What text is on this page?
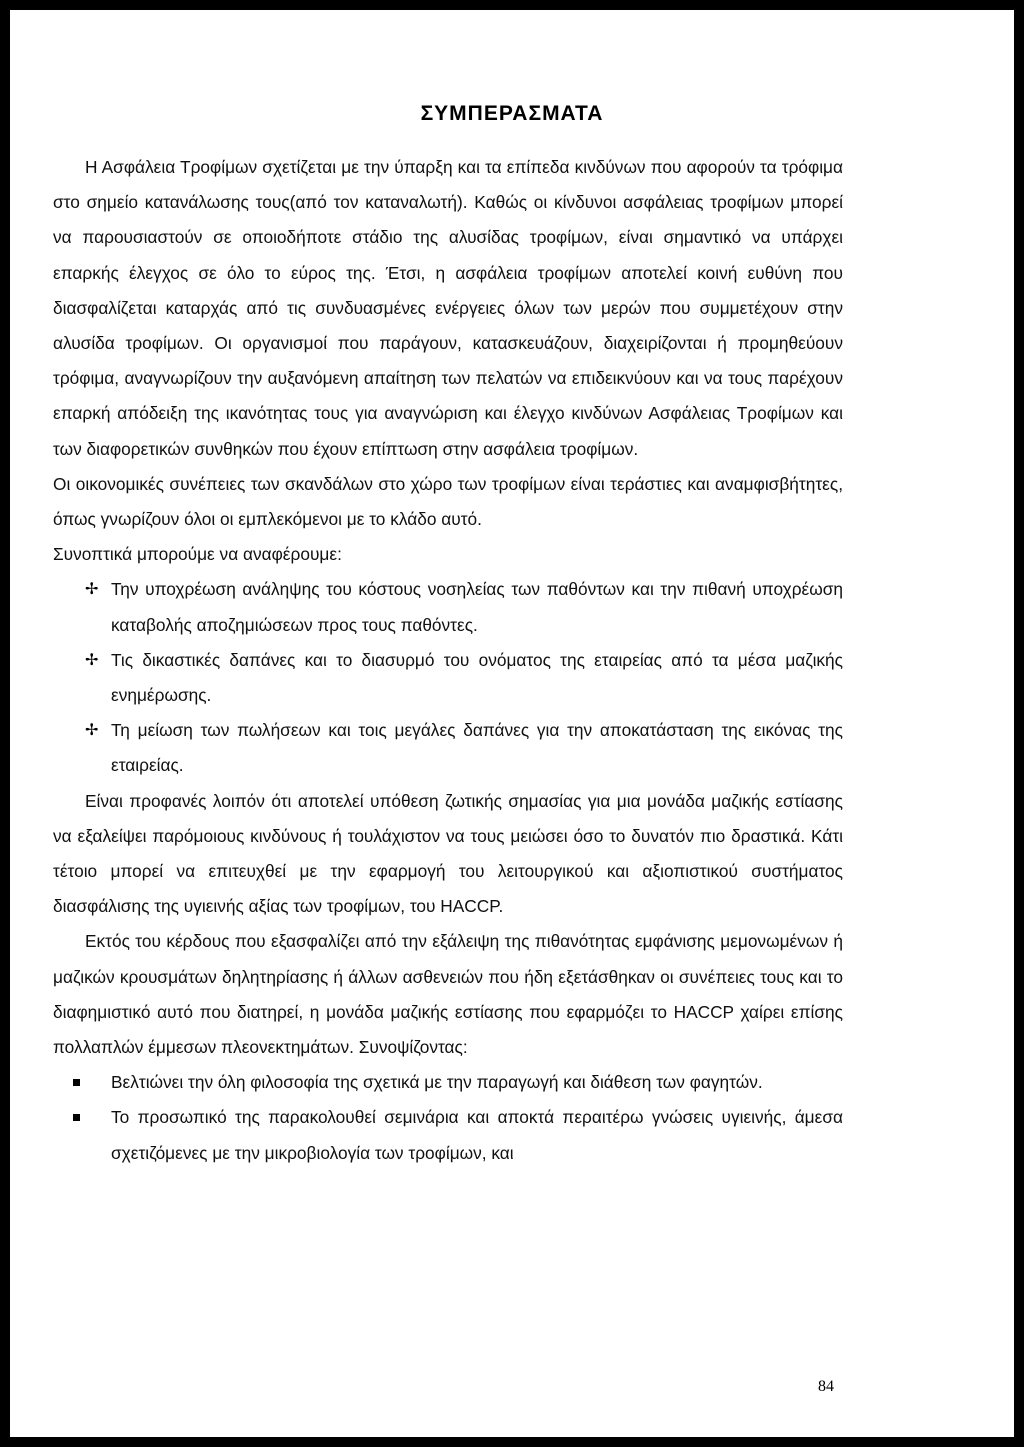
ΣΥΜΠΕΡΑΣΜΑΤΑ

Η Ασφάλεια Τροφίμων σχετίζεται με την ύπαρξη και τα επίπεδα κινδύνων που αφορούν τα τρόφιμα στο σημείο κατανάλωσης τους(από τον καταναλωτή). Καθώς οι κίνδυνοι ασφάλειας τροφίμων μπορεί να παρουσιαστούν σε οποιοδήποτε στάδιο της αλυσίδας τροφίμων, είναι σημαντικό να υπάρχει επαρκής έλεγχος σε όλο το εύρος της. Έτσι, η ασφάλεια τροφίμων αποτελεί κοινή ευθύνη που διασφαλίζεται καταρχάς από τις συνδυασμένες ενέργειες όλων των μερών που συμμετέχουν στην αλυσίδα τροφίμων. Οι οργανισμοί που παράγουν, κατασκευάζουν, διαχειρίζονται ή προμηθεύουν τρόφιμα, αναγνωρίζουν την αυξανόμενη απαίτηση των πελατών να επιδεικνύουν και να τους παρέχουν επαρκή απόδειξη της ικανότητας τους για αναγνώριση και έλεγχο κινδύνων Ασφάλειας Τροφίμων και των διαφορετικών συνθηκών που έχουν επίπτωση στην ασφάλεια τροφίμων.

Οι οικονομικές συνέπειες των σκανδάλων στο χώρο των τροφίμων είναι τεράστιες και αναμφισβήτητες, όπως γνωρίζουν όλοι οι εμπλεκόμενοι με το κλάδο αυτό.

Συνοπτικά μπορούμε να αναφέρουμε:

✢ Την υποχρέωση ανάληψης του κόστους νοσηλείας των παθόντων και την πιθανή υποχρέωση καταβολής αποζημιώσεων προς τους παθόντες.
✢ Τις δικαστικές δαπάνες και το διασυρμό του ονόματος της εταιρείας από τα μέσα μαζικής ενημέρωσης.
✢ Τη μείωση των πωλήσεων και τοις μεγάλες δαπάνες για την αποκατάσταση της εικόνας της εταιρείας.

Είναι προφανές λοιπόν ότι αποτελεί υπόθεση ζωτικής σημασίας για μια μονάδα μαζικής εστίασης να εξαλείψει παρόμοιους κινδύνους ή τουλάχιστον να τους μειώσει όσο το δυνατόν πιο δραστικά. Κάτι τέτοιο μπορεί να επιτευχθεί με την εφαρμογή του λειτουργικού και αξιοπιστικού συστήματος διασφάλισης της υγιεινής αξίας των τροφίμων, του HACCP.

Εκτός του κέρδους που εξασφαλίζει από την εξάλειψη της πιθανότητας εμφάνισης μεμονωμένων ή μαζικών κρουσμάτων δηλητηρίασης ή άλλων ασθενειών που ήδη εξετάσθηκαν οι συνέπειες τους και το διαφημιστικό αυτό που διατηρεί, η μονάδα μαζικής εστίασης που εφαρμόζει το HACCP χαίρει επίσης πολλαπλών έμμεσων πλεονεκτημάτων. Συνοψίζοντας:

Βελτιώνει την όλη φιλοσοφία της σχετικά με την παραγωγή και διάθεση των φαγητών.
Το προσωπικό της παρακολουθεί σεμινάρια και αποκτά περαιτέρω γνώσεις υγιεινής, άμεσα σχετιζόμενες με την μικροβιολογία των τροφίμων, και
84
